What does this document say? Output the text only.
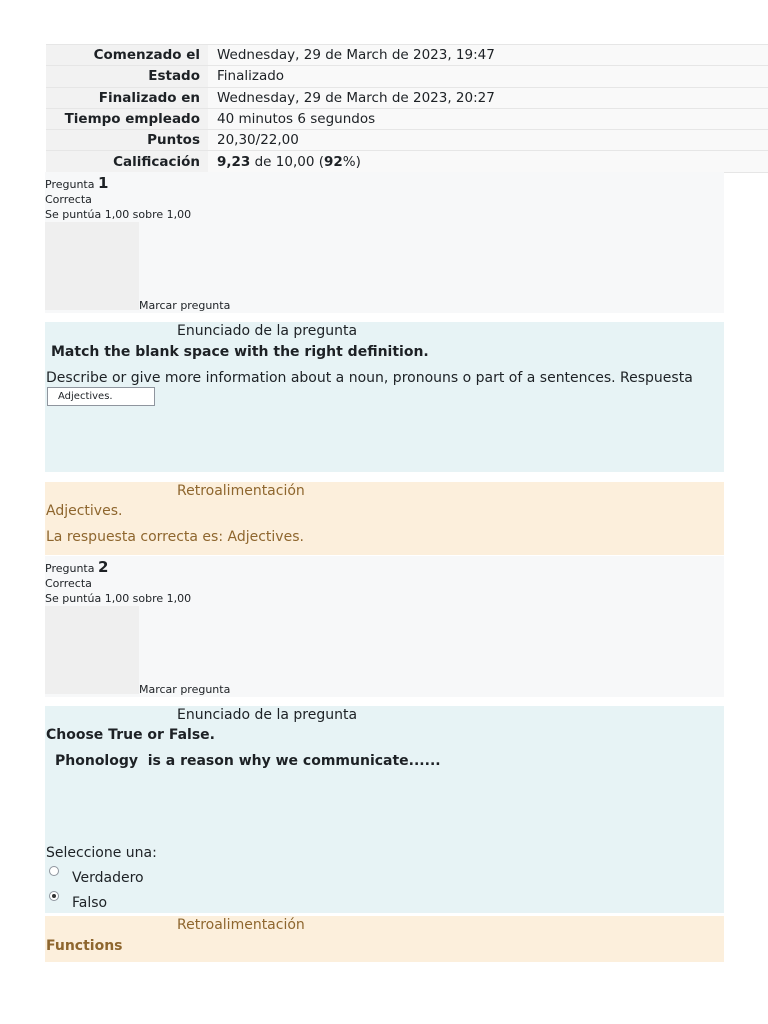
Comenzado el	Wednesday, 29 de March de 2023, 19:47
Estado	Finalizado
Finalizado en	Wednesday, 29 de March de 2023, 20:27
Tiempo empleado	40 minutos 6 segundos
Puntos	20,30/22,00
Calificación	9,23 de 10,00 (92%)
Pregunta 1
Correcta
Se puntúa 1,00 sobre 1,00
Marcar pregunta
Enunciado de la pregunta
Match the blank space with the right definition.
Describe or give more information about a noun, pronouns o part of a sentences. Respuesta
Adjectives.
Retroalimentación
Adjectives.
La respuesta correcta es: Adjectives.
Pregunta 2
Correcta
Se puntúa 1,00 sobre 1,00
Marcar pregunta
Enunciado de la pregunta
Choose True or False.
Phonology  is a reason why we communicate......
Seleccione una:
Verdadero
Falso
Retroalimentación
Functions
